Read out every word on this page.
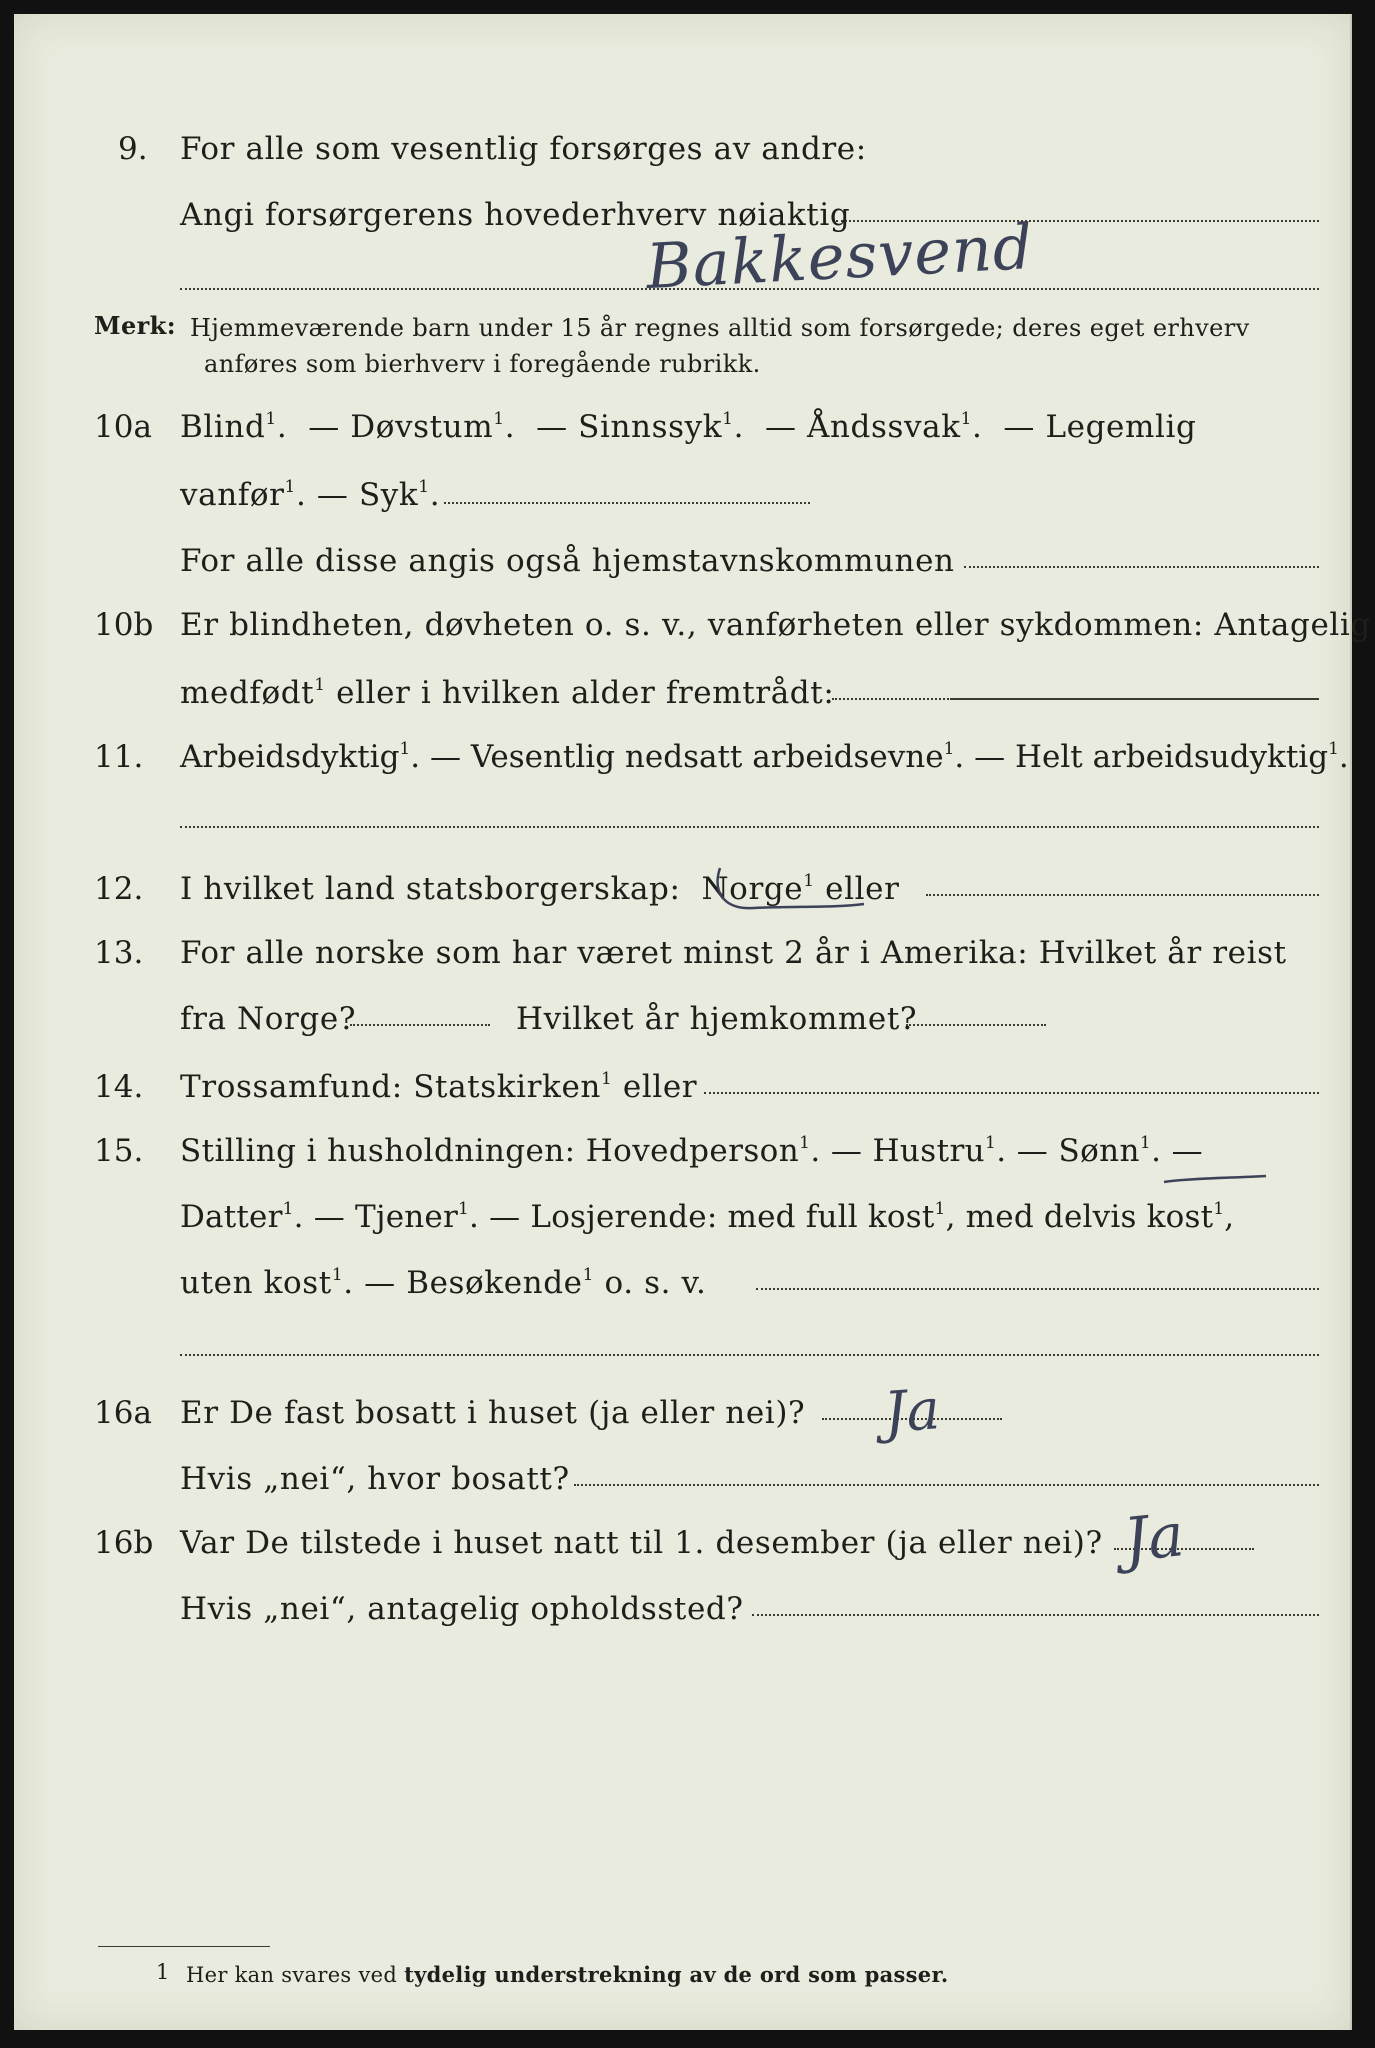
9. For alle som vesentlig forsørges av andre:
Angi forsørgerens hovederhverv nøiaktig
Bakkesvend
Merk: Hjemmeværende barn under 15 år regnes alltid som forsørgede; deres eget erhverv
anføres som bierhverv i foregående rubrikk.
10a Blind$^1$.  — Døvstum$^1$.  — Sinnssyk$^1$.  — Åndssvak$^1$.  — Legemlig
vanfør$^1$. — Syk$^1$.
For alle disse angis også hjemstavnskommunen
10b Er blindheten, døvheten o. s. v., vanførheten eller sykdommen: Antagelig
medfødt$^1$ eller i hvilken alder fremtrådt:
11. Arbeidsdyktig$^1$. — Vesentlig nedsatt arbeidsevne$^1$. — Helt arbeidsudyktig$^1$.
12. I hvilket land statsborgerskap: Norge$^1$ eller
13. For alle norske som har været minst 2 år i Amerika: Hvilket år reist
fra Norge?	Hvilket år hjemkommet?
14. Trossamfund: Statskirken$^1$ eller
15. Stilling i husholdningen: Hovedperson$^1$. — Hustru$^1$. — Sønn$^1$. —
Datter$^1$. — Tjener$^1$. — Losjerende: med full kost$^1$, med delvis kost$^1$,
uten kost$^1$. — Besøkende$^1$ o. s. v.
16a Er De fast bosatt i huset (ja eller nei)? Ja
Hvis „nei“, hvor bosatt?
16b Var De tilstede i huset natt til 1. desember (ja eller nei)? Ja
Hvis „nei“, antagelig opholdssted?
1 Her kan svares ved tydelig understrekning av de ord som passer.
